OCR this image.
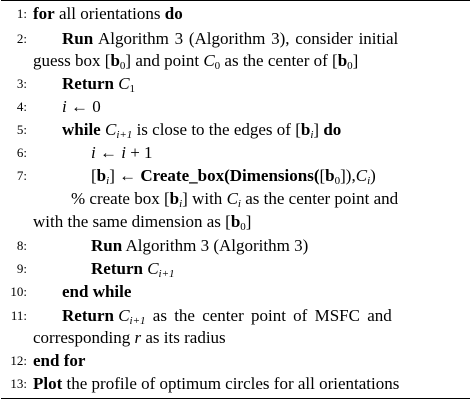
1: for all orientations do
2: Run Algorithm 3 (Algorithm 3), consider initial
guess box $[b_0]$ and point $C_0$ as the center of $[b_0]$
3: Return $C_1$
4: i ← 0
5: while $C_{i+1}$ is close to the edges of $[b_i]$ do
6:	i ← i + 1
7:	$[b_i]$ ← $Create\_box(Dimensions([b_0]),C_i)$
% create box $[b_i]$ with $C_i$ as the center point and
with the same dimension as $[b_0]$
8:	Run Algorithm 3 (Algorithm 3)
9:	Return $C_{i+1}$
10: end while
11: Return $C_{i+1}$ as the center point of MSFC and
corresponding r as its radius
12: end for
13: Plot the profile of optimum circles for all orientations
